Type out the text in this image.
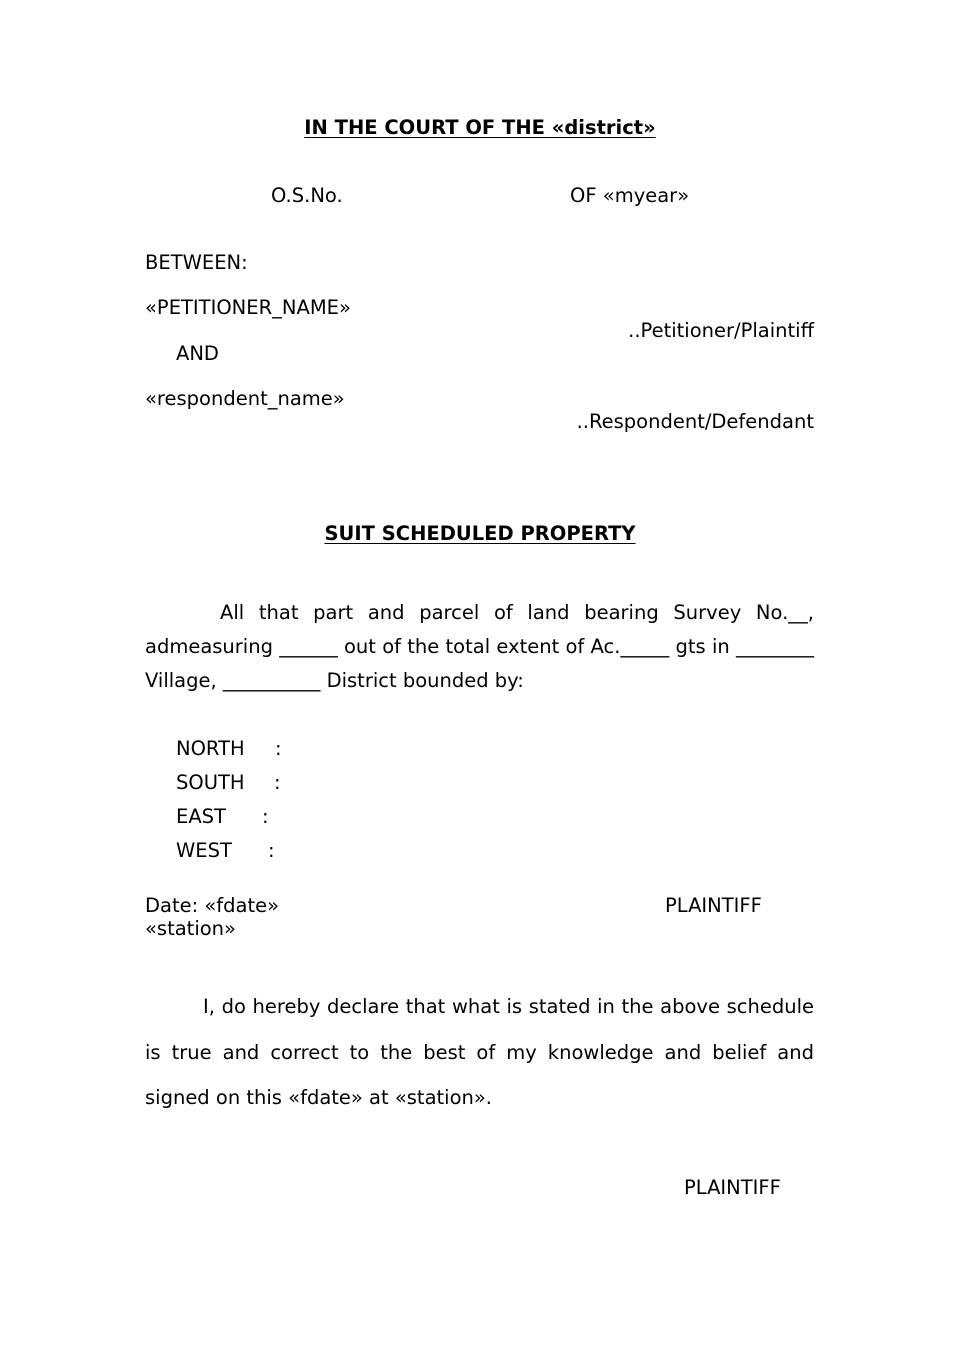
IN THE COURT OF THE «district»
O.S.No.	OF «myear»
BETWEEN:
«PETITIONER_NAME»
..Petitioner/Plaintiff
AND
«respondent_name»
..Respondent/Defendant
SUIT SCHEDULED PROPERTY
All that part and parcel of land bearing Survey No.__, admeasuring ______ out of the total extent of Ac._____ gts in ________ Village, __________ District bounded by:
NORTH :
SOUTH :
EAST :
WEST :
Date: «fdate»	PLAINTIFF
«station»
I, do hereby declare that what is stated in the above schedule is true and correct to the best of my knowledge and belief and signed on this «fdate» at «station».
PLAINTIFF
